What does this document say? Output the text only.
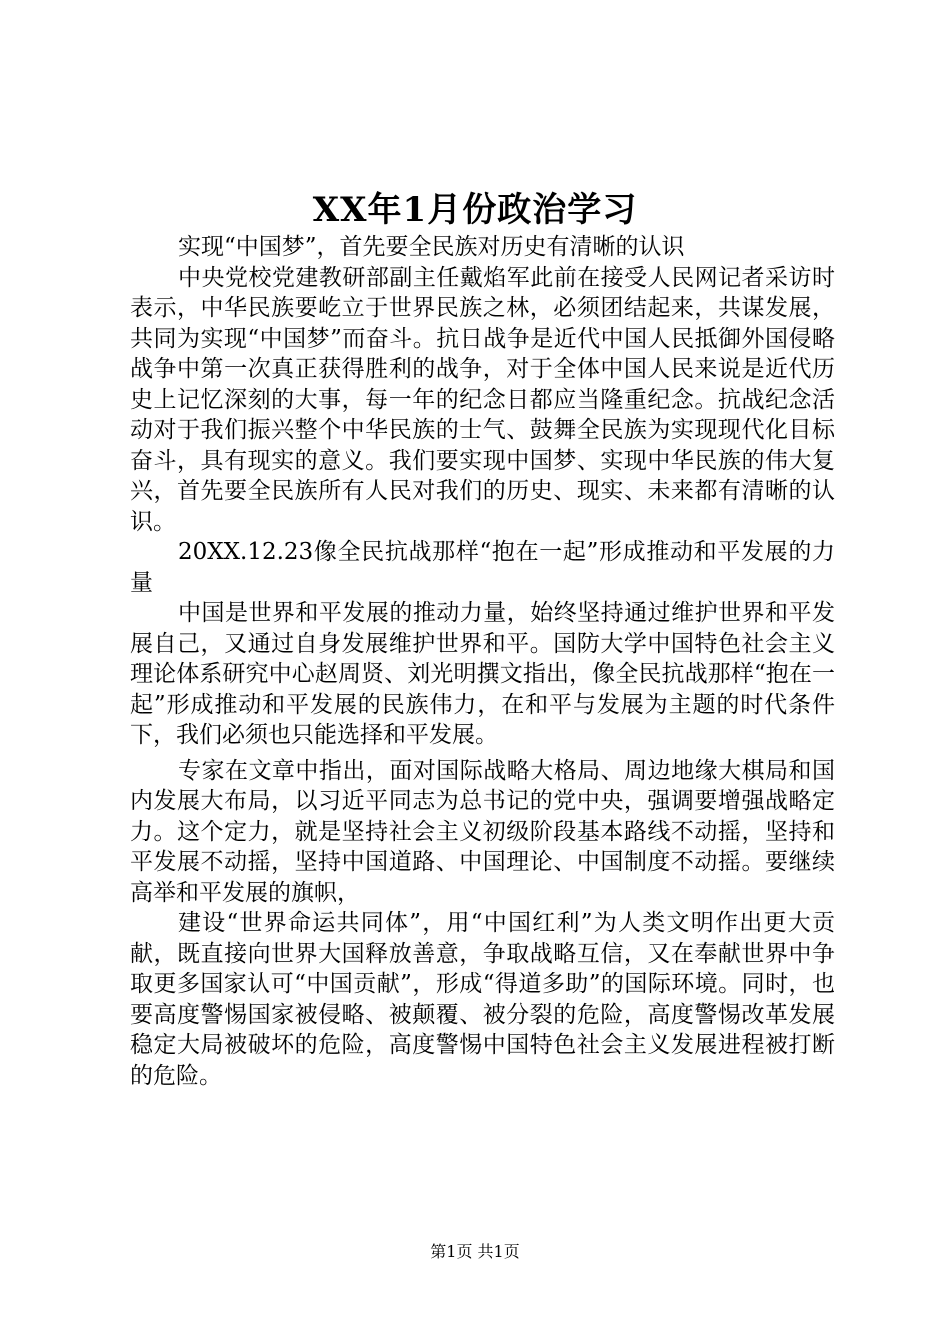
XX年1月份政治学习

实现“中国梦”，首先要全民族对历史有清晰的认识

中央党校党建教研部副主任戴焰军此前在接受人民网记者采访时表示，中华民族要屹立于世界民族之林，必须团结起来，共谋发展，共同为实现“中国梦”而奋斗。抗日战争是近代中国人民抵御外国侵略战争中第一次真正获得胜利的战争，对于全体中国人民来说是近代历史上记忆深刻的大事，每一年的纪念日都应当隆重纪念。抗战纪念活动对于我们振兴整个中华民族的士气、鼓舞全民族为实现现代化目标奋斗，具有现实的意义。我们要实现中国梦、实现中华民族的伟大复兴，首先要全民族所有人民对我们的历史、现实、未来都有清晰的认识。

20XX.12.23像全民抗战那样“抱在一起”形成推动和平发展的力量

中国是世界和平发展的推动力量，始终坚持通过维护世界和平发展自己，又通过自身发展维护世界和平。国防大学中国特色社会主义理论体系研究中心赵周贤、刘光明撰文指出，像全民抗战那样“抱在一起”形成推动和平发展的民族伟力，在和平与发展为主题的时代条件下，我们必须也只能选择和平发展。

专家在文章中指出，面对国际战略大格局、周边地缘大棋局和国内发展大布局，以习近平同志为总书记的党中央，强调要增强战略定力。这个定力，就是坚持社会主义初级阶段基本路线不动摇，坚持和平发展不动摇，坚持中国道路、中国理论、中国制度不动摇。要继续高举和平发展的旗帜，

建设“世界命运共同体”，用“中国红利”为人类文明作出更大贡献，既直接向世界大国释放善意，争取战略互信，又在奉献世界中争取更多国家认可“中国贡献”，形成“得道多助”的国际环境。同时，也要高度警惕国家被侵略、被颠覆、被分裂的危险，高度警惕改革发展稳定大局被破坏的危险，高度警惕中国特色社会主义发展进程被打断的危险。

第1页 共1页
